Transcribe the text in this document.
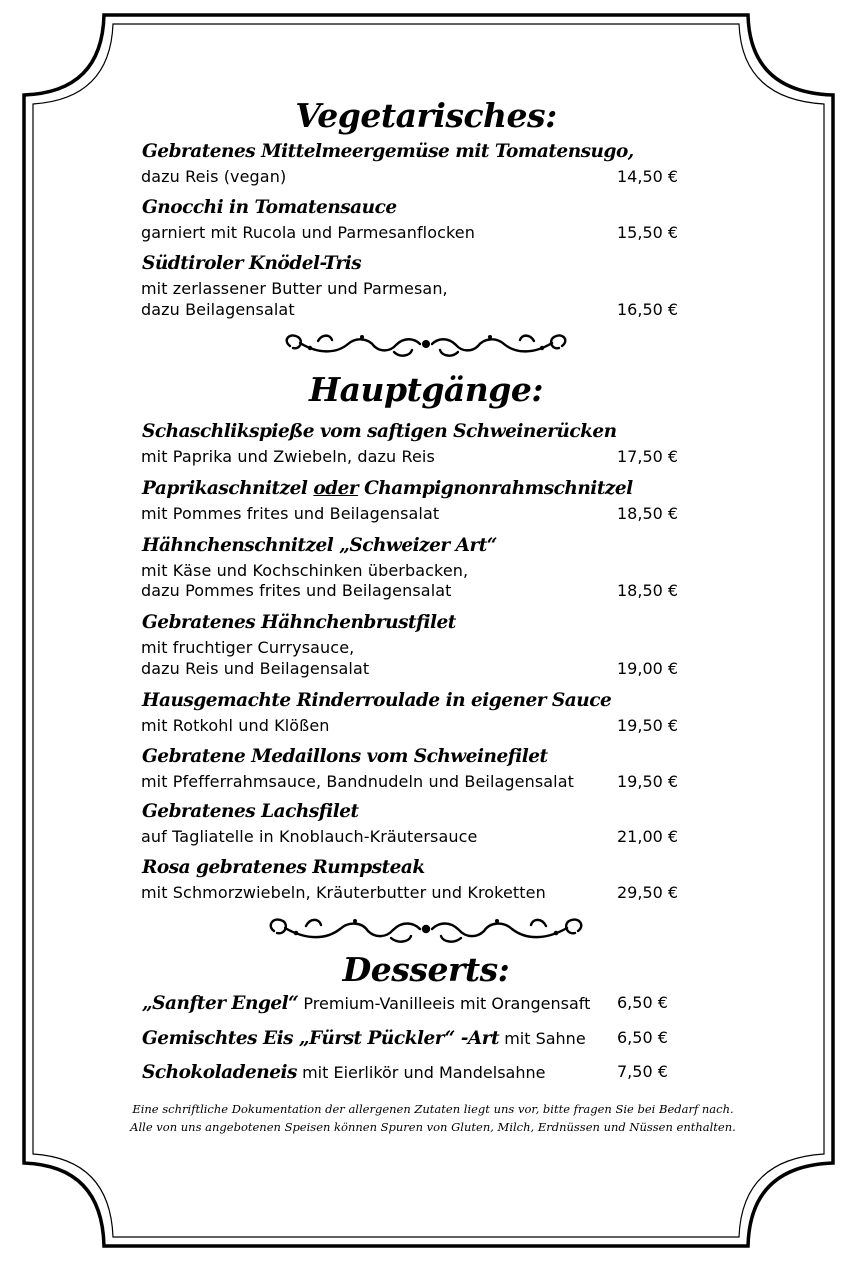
Vegetarisches:
Gebratenes Mittelmeergemüse mit Tomatensugo,
dazu Reis (vegan)	14,50 €
Gnocchi in Tomatensauce
garniert mit Rucola und Parmesanflocken	15,50 €
Südtiroler Knödel-Tris
mit zerlassener Butter und Parmesan,
dazu Beilagensalat	16,50 €
Hauptgänge:
Schaschlikspieße vom saftigen Schweinerücken
mit Paprika und Zwiebeln, dazu Reis	17,50 €
Paprikaschnitzel oder Champignonrahmschnitzel
mit Pommes frites und Beilagensalat	18,50 €
Hähnchenschnitzel „Schweizer Art“
mit Käse und Kochschinken überbacken,
dazu Pommes frites und Beilagensalat	18,50 €
Gebratenes Hähnchenbrustfilet
mit fruchtiger Currysauce,
dazu Reis und Beilagensalat	19,00 €
Hausgemachte Rinderroulade in eigener Sauce
mit Rotkohl und Klößen	19,50 €
Gebratene Medaillons vom Schweinefilet
mit Pfefferrahmsauce, Bandnudeln und Beilagensalat	19,50 €
Gebratenes Lachsfilet
auf Tagliatelle in Knoblauch-Kräutersauce	21,00 €
Rosa gebratenes Rumpsteak
mit Schmorzwiebeln, Kräuterbutter und Kroketten	29,50 €
Desserts:
„Sanfter Engel“ Premium-Vanilleeis mit Orangensaft 6,50 €
Gemischtes Eis „Fürst Pückler“ -Art mit Sahne 6,50 €
Schokoladeneis mit Eierlikör und Mandelsahne	7,50 €
Eine schriftliche Dokumentation der allergenen Zutaten liegt uns vor, bitte fragen Sie bei Bedarf nach.
Alle von uns angebotenen Speisen können Spuren von Gluten, Milch, Erdnüssen und Nüssen enthalten.
